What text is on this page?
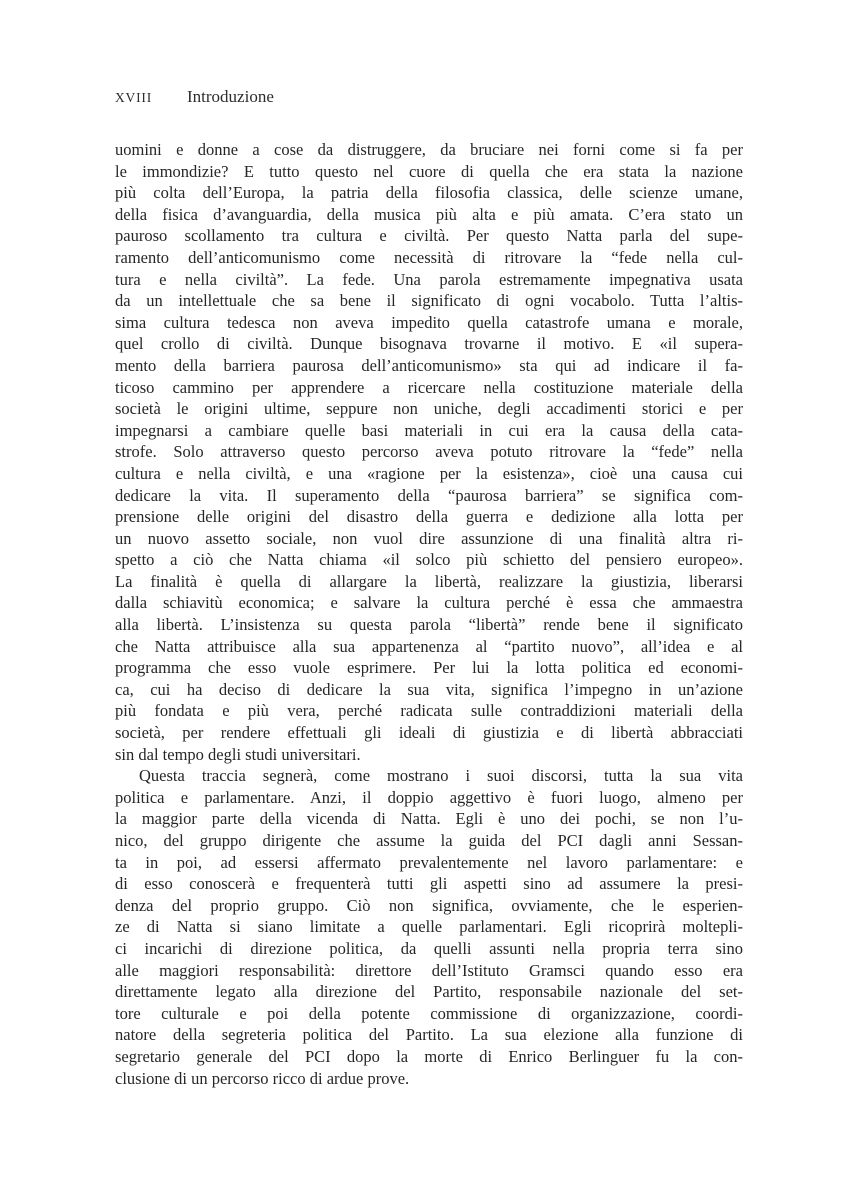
XVIII Introduzione
uomini e donne a cose da distruggere, da bruciare nei forni come si fa per
le immondizie? E tutto questo nel cuore di quella che era stata la nazione
più colta dell’Europa, la patria della filosofia classica, delle scienze umane,
della fisica d’avanguardia, della musica più alta e più amata. C’era stato un
pauroso scollamento tra cultura e civiltà. Per questo Natta parla del supe-
ramento dell’anticomunismo come necessità di ritrovare la “fede nella cul-
tura e nella civiltà”. La fede. Una parola estremamente impegnativa usata
da un intellettuale che sa bene il significato di ogni vocabolo. Tutta l’altis-
sima cultura tedesca non aveva impedito quella catastrofe umana e morale,
quel crollo di civiltà. Dunque bisognava trovarne il motivo. E «il supera-
mento della barriera paurosa dell’anticomunismo» sta qui ad indicare il fa-
ticoso cammino per apprendere a ricercare nella costituzione materiale della
società le origini ultime, seppure non uniche, degli accadimenti storici e per
impegnarsi a cambiare quelle basi materiali in cui era la causa della cata-
strofe. Solo attraverso questo percorso aveva potuto ritrovare la “fede” nella
cultura e nella civiltà, e una «ragione per la esistenza», cioè una causa cui
dedicare la vita. Il superamento della “paurosa barriera” se significa com-
prensione delle origini del disastro della guerra e dedizione alla lotta per
un nuovo assetto sociale, non vuol dire assunzione di una finalità altra ri-
spetto a ciò che Natta chiama «il solco più schietto del pensiero europeo».
La finalità è quella di allargare la libertà, realizzare la giustizia, liberarsi
dalla schiavitù economica; e salvare la cultura perché è essa che ammaestra
alla libertà. L’insistenza su questa parola “libertà” rende bene il significato
che Natta attribuisce alla sua appartenenza al “partito nuovo”, all’idea e al
programma che esso vuole esprimere. Per lui la lotta politica ed economi-
ca, cui ha deciso di dedicare la sua vita, significa l’impegno in un’azione
più fondata e più vera, perché radicata sulle contraddizioni materiali della
società, per rendere effettuali gli ideali di giustizia e di libertà abbracciati
sin dal tempo degli studi universitari.
Questa traccia segnerà, come mostrano i suoi discorsi, tutta la sua vita
politica e parlamentare. Anzi, il doppio aggettivo è fuori luogo, almeno per
la maggior parte della vicenda di Natta. Egli è uno dei pochi, se non l’u-
nico, del gruppo dirigente che assume la guida del PCI dagli anni Sessan-
ta in poi, ad essersi affermato prevalentemente nel lavoro parlamentare: e
di esso conoscerà e frequenterà tutti gli aspetti sino ad assumere la presi-
denza del proprio gruppo. Ciò non significa, ovviamente, che le esperien-
ze di Natta si siano limitate a quelle parlamentari. Egli ricoprirà moltepli-
ci incarichi di direzione politica, da quelli assunti nella propria terra sino
alle maggiori responsabilità: direttore dell’Istituto Gramsci quando esso era
direttamente legato alla direzione del Partito, responsabile nazionale del set-
tore culturale e poi della potente commissione di organizzazione, coordi-
natore della segreteria politica del Partito. La sua elezione alla funzione di
segretario generale del PCI dopo la morte di Enrico Berlinguer fu la con-
clusione di un percorso ricco di ardue prove.
